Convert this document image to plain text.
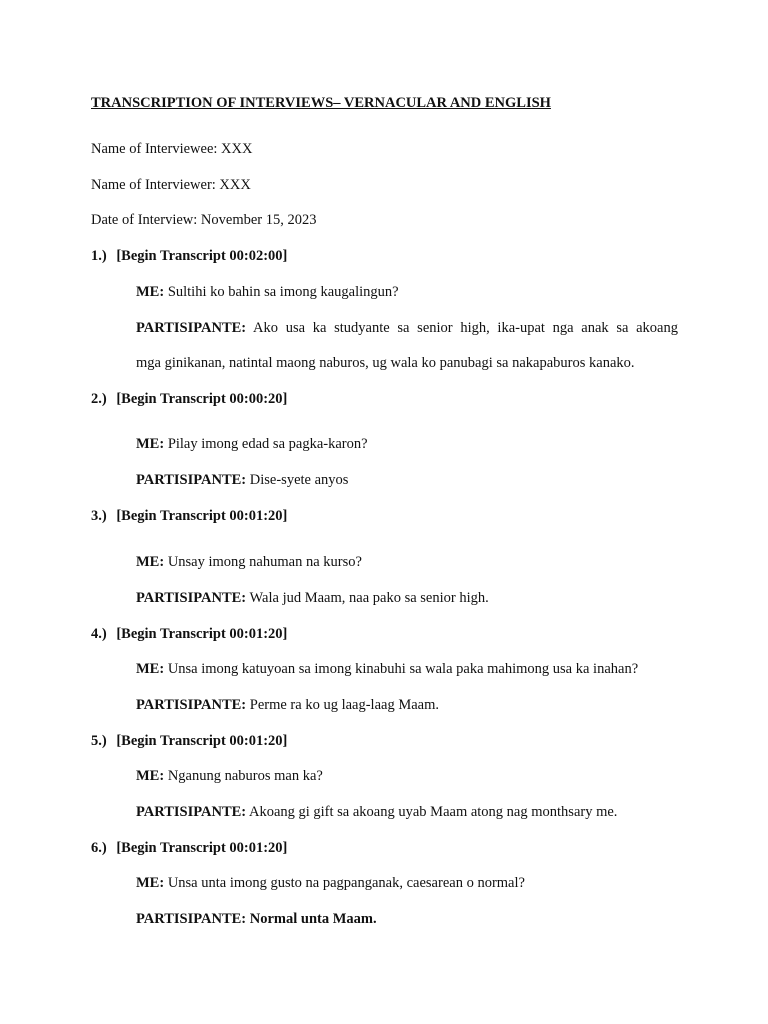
TRANSCRIPTION OF INTERVIEWS– VERNACULAR AND ENGLISH
Name of Interviewee: XXX
Name of Interviewer: XXX
Date of Interview: November 15, 2023
1.) [Begin Transcript 00:02:00]
ME: Sultihi ko bahin sa imong kaugalingun?
PARTISIPANTE: Ako usa ka studyante sa senior high, ika-upat nga anak sa akoang
mga ginikanan, natintal maong naburos, ug wala ko panubagi sa nakapaburos kanako.
2.) [Begin Transcript 00:00:20]
ME: Pilay imong edad sa pagka-karon?
PARTISIPANTE: Dise-syete anyos
3.) [Begin Transcript 00:01:20]
ME: Unsay imong nahuman na kurso?
PARTISIPANTE: Wala jud Maam, naa pako sa senior high.
4.) [Begin Transcript 00:01:20]
ME: Unsa imong katuyoan sa imong kinabuhi sa wala paka mahimong usa ka inahan?
PARTISIPANTE: Perme ra ko ug laag-laag Maam.
5.) [Begin Transcript 00:01:20]
ME: Nganung naburos man ka?
PARTISIPANTE: Akoang gi gift sa akoang uyab Maam atong nag monthsary me.
6.) [Begin Transcript 00:01:20]
ME: Unsa unta imong gusto na pagpanganak, caesarean o normal?
PARTISIPANTE: Normal unta Maam.
